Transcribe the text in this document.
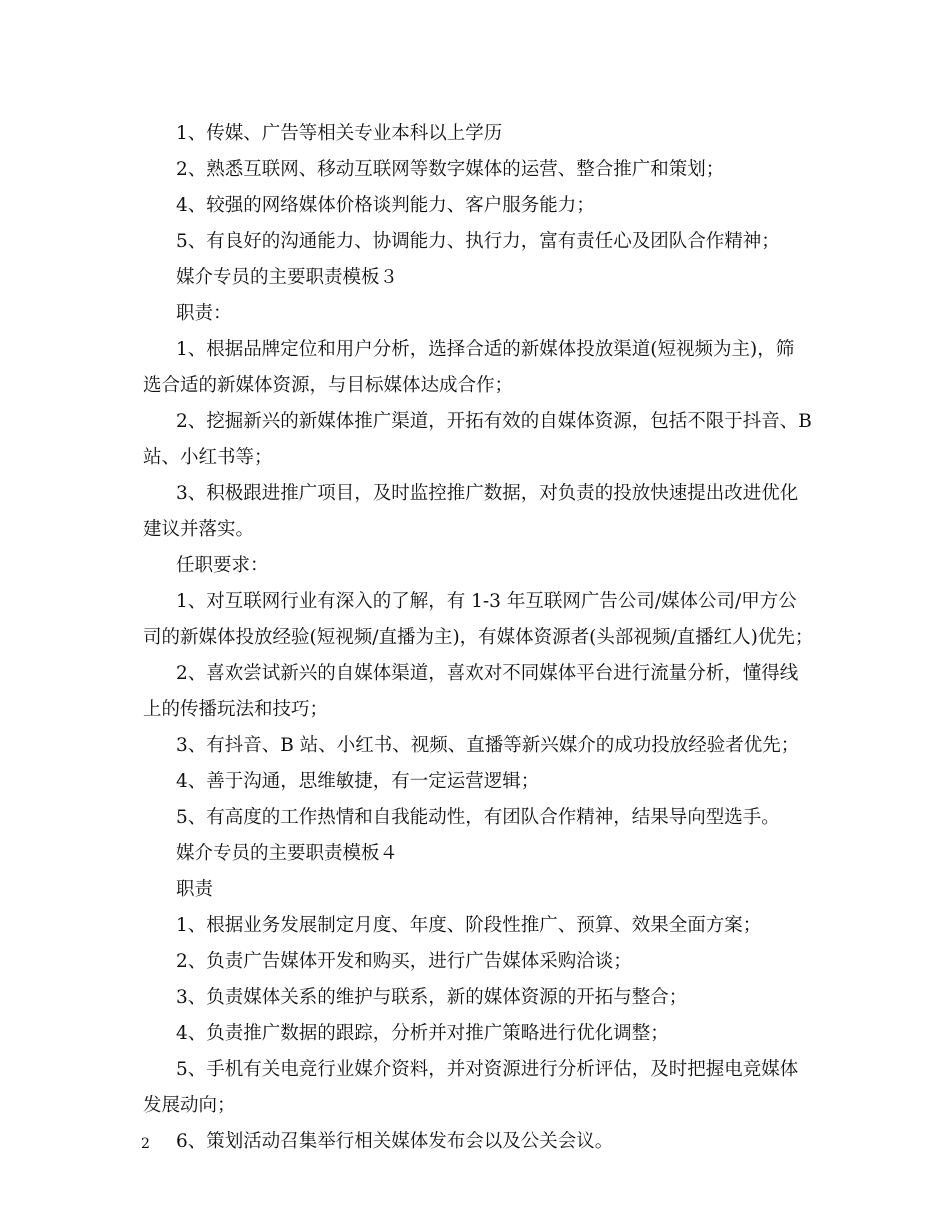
1、传媒、广告等相关专业本科以上学历

2、熟悉互联网、移动互联网等数字媒体的运营、整合推广和策划；

4、较强的网络媒体价格谈判能力、客户服务能力；

5、有良好的沟通能力、协调能力、执行力，富有责任心及团队合作精神；

媒介专员的主要职责模板３

职责：

1、根据品牌定位和用户分析，选择合适的新媒体投放渠道(短视频为主)，筛

选合适的新媒体资源，与目标媒体达成合作；

2、挖掘新兴的新媒体推广渠道，开拓有效的自媒体资源，包括不限于抖音、B

站、小红书等；

3、积极跟进推广项目，及时监控推广数据，对负责的投放快速提出改进优化

建议并落实。

任职要求：

1、对互联网行业有深入的了解，有 1-3 年互联网广告公司/媒体公司/甲方公

司的新媒体投放经验(短视频/直播为主)，有媒体资源者(头部视频/直播红人)优先；

2、喜欢尝试新兴的自媒体渠道，喜欢对不同媒体平台进行流量分析，懂得线

上的传播玩法和技巧；

3、有抖音、B 站、小红书、视频、直播等新兴媒介的成功投放经验者优先；

4、善于沟通，思维敏捷，有一定运营逻辑；

5、有高度的工作热情和自我能动性，有团队合作精神，结果导向型选手。

媒介专员的主要职责模板４

职责

1、根据业务发展制定月度、年度、阶段性推广、预算、效果全面方案；

2、负责广告媒体开发和购买，进行广告媒体采购洽谈；

3、负责媒体关系的维护与联系，新的媒体资源的开拓与整合；

4、负责推广数据的跟踪，分析并对推广策略进行优化调整；

5、手机有关电竞行业媒介资料，并对资源进行分析评估，及时把握电竞媒体

发展动向；

6、策划活动召集举行相关媒体发布会以及公关会议。

2
